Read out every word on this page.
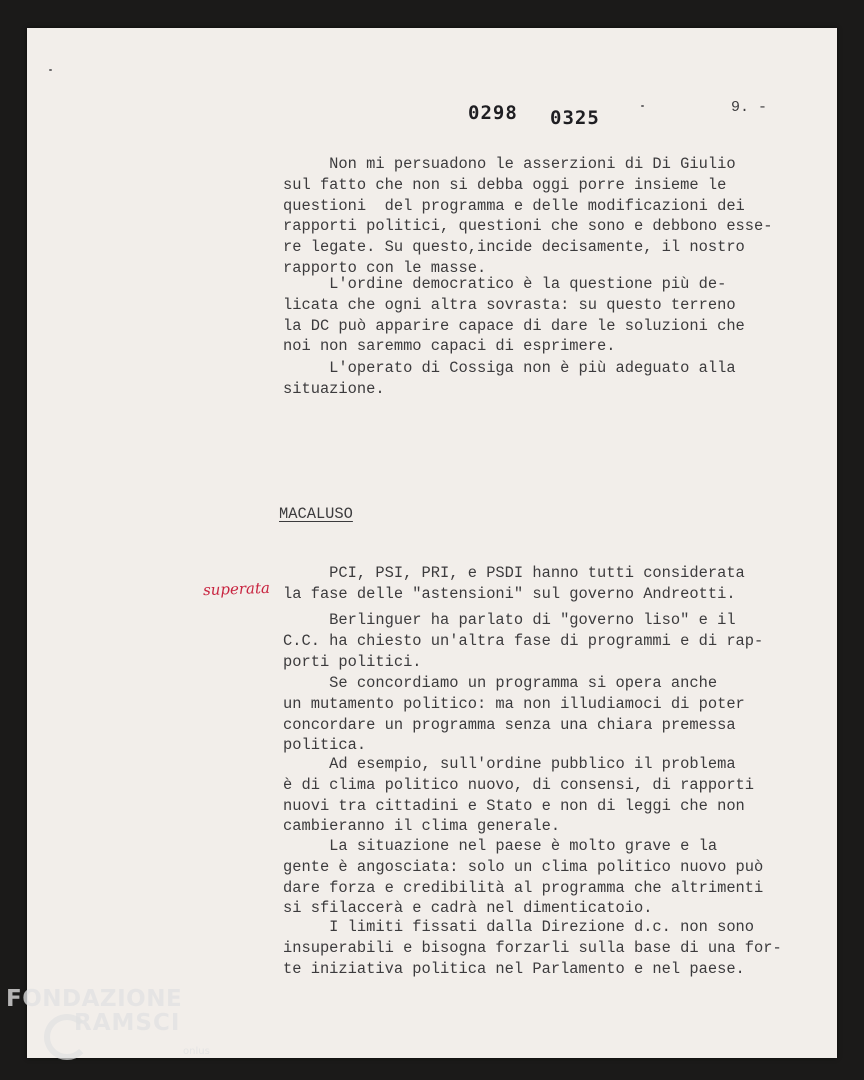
0298 0325	9. -
Non mi persuadono le asserzioni di Di Giulio
sul fatto che non si debba oggi porre insieme le
questioni  del programma e delle modificazioni dei
rapporti politici, questioni che sono e debbono esse-
re legate. Su questo,incide decisamente, il nostro
rapporto con le masse.
L'ordine democratico è la questione più de-
licata che ogni altra sovrasta: su questo terreno
la DC può apparire capace di dare le soluzioni che
noi non saremmo capaci di esprimere.
L'operato di Cossiga non è più adeguato alla
situazione.
MACALUSO
superata
PCI, PSI, PRI, e PSDI hanno tutti considerata
la fase delle "astensioni" sul governo Andreotti.
Berlinguer ha parlato di "governo liso" e il
C.C. ha chiesto un'altra fase di programmi e di rap-
porti politici.
Se concordiamo un programma si opera anche
un mutamento politico: ma non illudiamoci di poter
concordare un programma senza una chiara premessa
politica.
Ad esempio, sull'ordine pubblico il problema
è di clima politico nuovo, di consensi, di rapporti
nuovi tra cittadini e Stato e non di leggi che non
cambieranno il clima generale.
La situazione nel paese è molto grave e la
gente è angosciata: solo un clima politico nuovo può
dare forza e credibilità al programma che altrimenti
si sfilaccerà e cadrà nel dimenticatoio.
I limiti fissati dalla Direzione d.c. non sono
insuperabili e bisogna forzarli sulla base di una for-
te iniziativa politica nel Parlamento e nel paese.
FONDAZIONE
RAMSCI
onlus
